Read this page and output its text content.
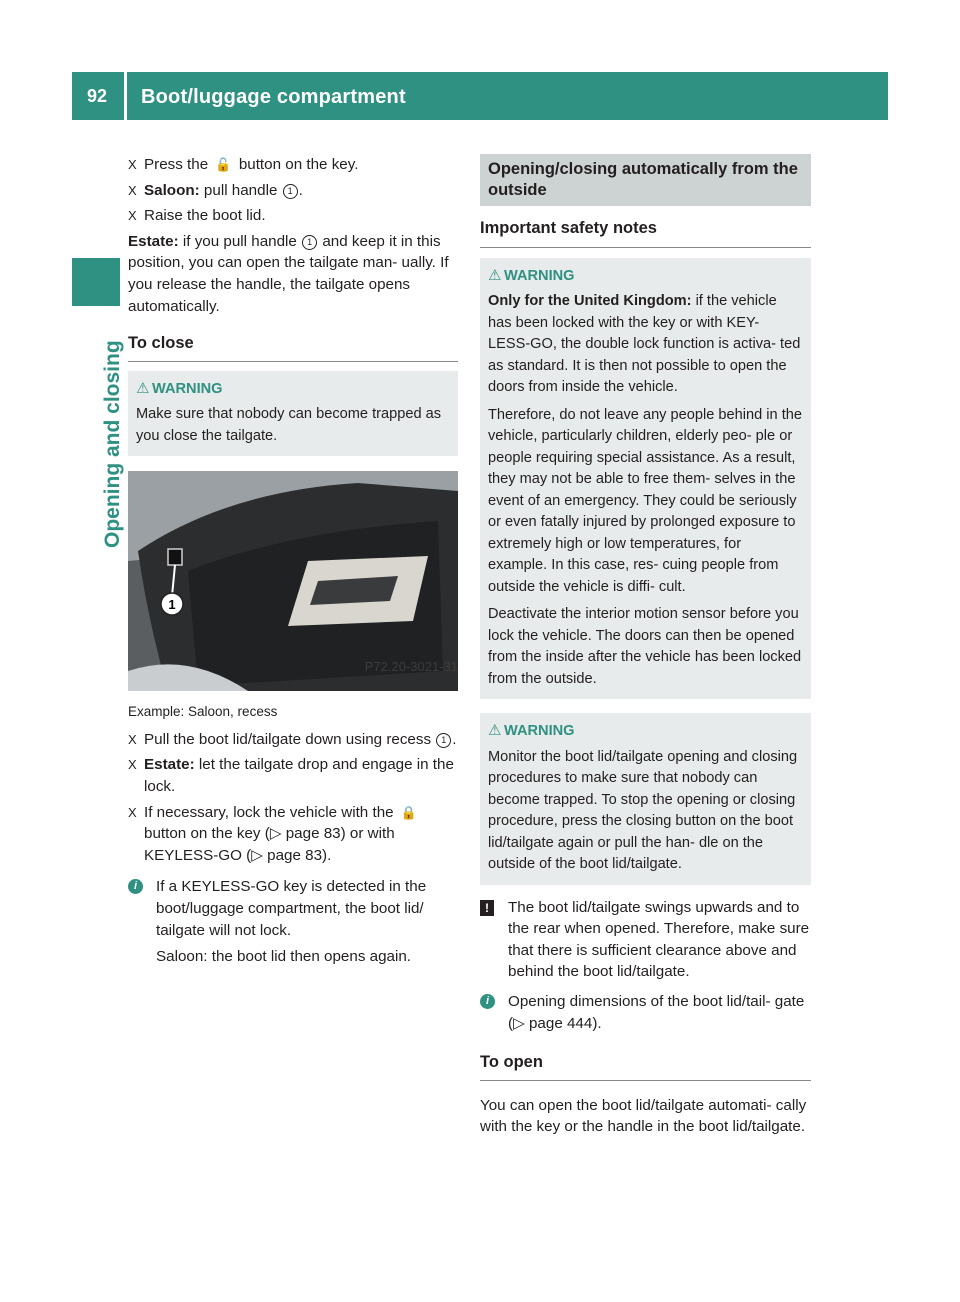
92	Boot/luggage compartment
Opening and closing

X Press the 🔓 button on the key.

X Saloon: pull handle 1 .

X Raise the boot lid.

Estate: if you pull handle 1 and keep it in this position, you can open the tailgate man- ually. If you release the handle, the tailgate opens automatically.

To close
⚠ WARNING

Make sure that nobody can become trapped as you close the tailgate.

1
P72.20-3021-31
Example: Saloon, recess

X Pull the boot lid/tailgate down using recess 1 .

X Estate: let the tailgate drop and engage in the lock.

X If necessary, lock the vehicle with the 🔒 button on the key (▷ page 83) or with KEYLESS-GO (▷ page 83).

i	If a KEYLESS-GO key is detected in the boot/luggage compartment, the boot lid/ tailgate will not lock.

Saloon: the boot lid then opens again.

Opening/closing automatically from the outside
Important safety notes
⚠ WARNING

Only for the United Kingdom: if the vehicle has been locked with the key or with KEY- LESS-GO, the double lock function is activa- ted as standard. It is then not possible to open the doors from inside the vehicle.

Therefore, do not leave any people behind in the vehicle, particularly children, elderly peo- ple or people requiring special assistance. As a result, they may not be able to free them- selves in the event of an emergency. They could be seriously or even fatally injured by prolonged exposure to extremely high or low temperatures, for example. In this case, res- cuing people from outside the vehicle is diffi- cult.

Deactivate the interior motion sensor before you lock the vehicle. The doors can then be opened from the inside after the vehicle has been locked from the outside.

⚠ WARNING

Monitor the boot lid/tailgate opening and closing procedures to make sure that nobody can become trapped. To stop the opening or closing procedure, press the closing button on the boot lid/tailgate again or pull the han- dle on the outside of the boot lid/tailgate.

!	The boot lid/tailgate swings upwards and to the rear when opened. Therefore, make sure that there is sufficient clearance above and behind the boot lid/tailgate.

i	Opening dimensions of the boot lid/tail- gate (▷ page 444).

To open

You can open the boot lid/tailgate automati- cally with the key or the handle in the boot lid/tailgate.
